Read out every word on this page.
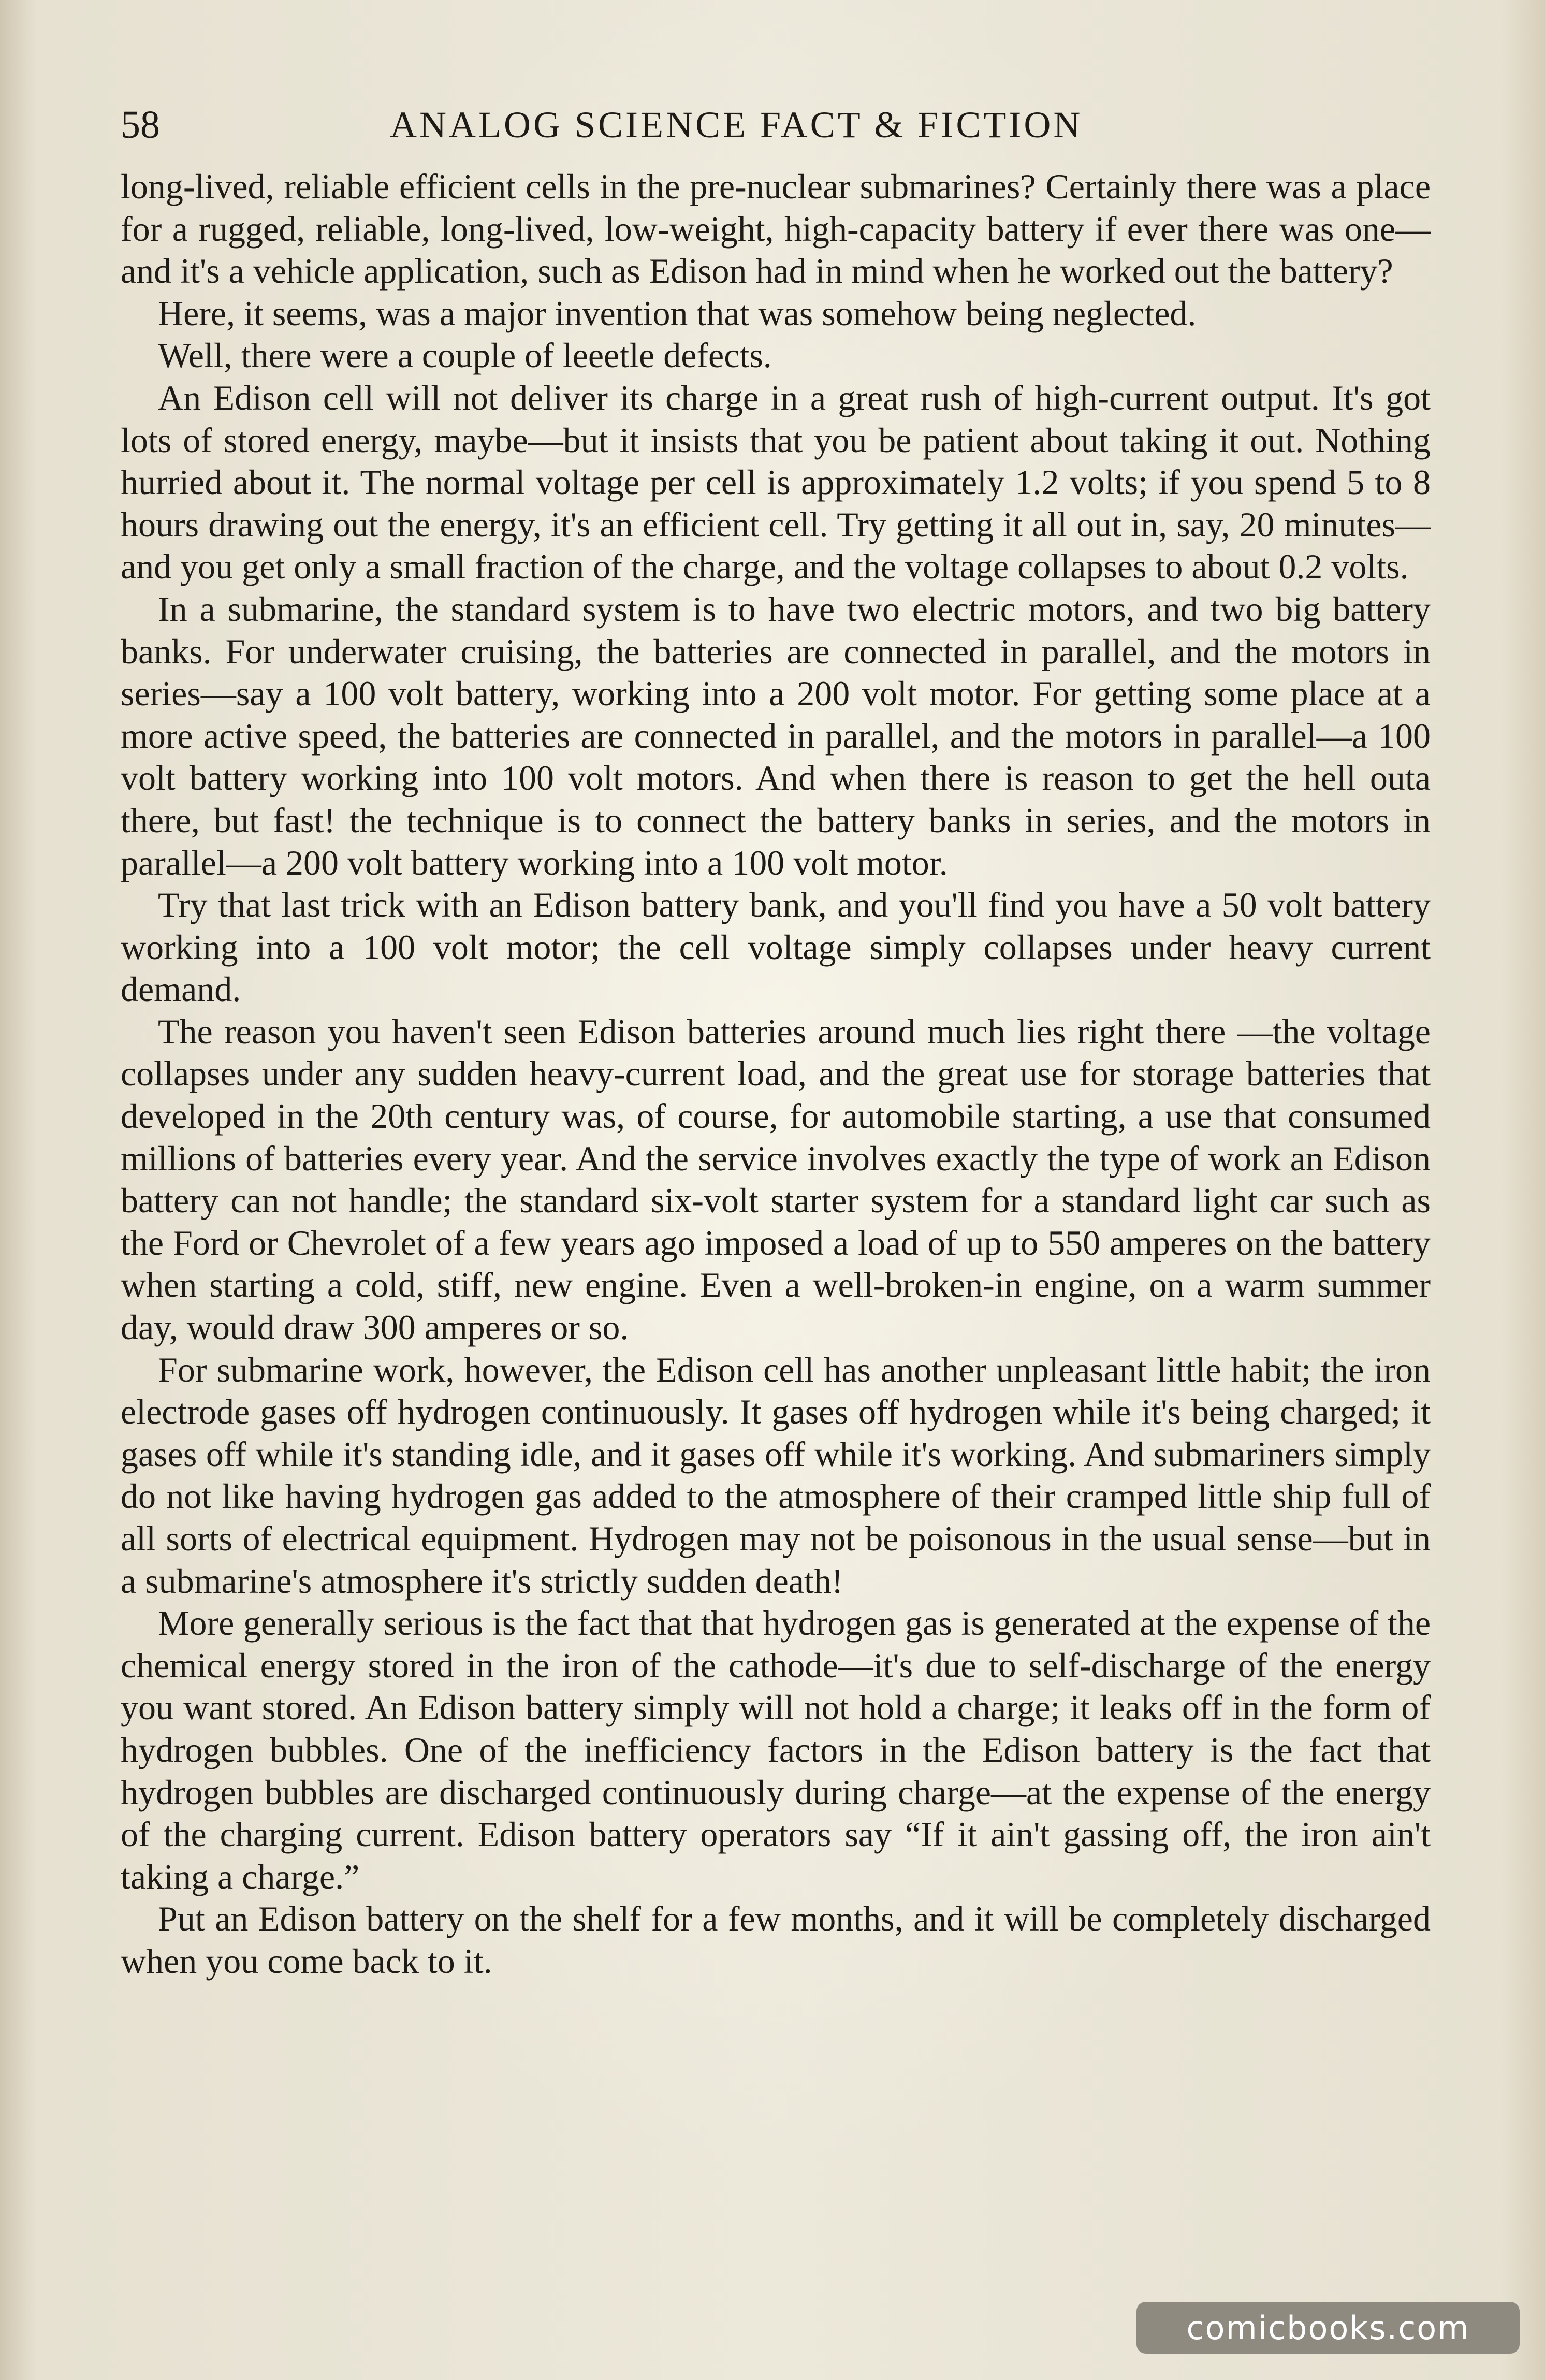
58	ANALOG SCIENCE FACT & FICTION

long-lived, reliable efficient cells in the pre-nuclear submarines? Certainly there was a place for a rugged, reliable, long-lived, low-weight, high-capacity battery if ever there was one—and it's a vehicle application, such as Edison had in mind when he worked out the battery?

Here, it seems, was a major invention that was somehow being neglected.

Well, there were a couple of leeetle defects.

An Edison cell will not deliver its charge in a great rush of high-current output. It's got lots of stored energy, maybe—but it insists that you be patient about taking it out. Nothing hurried about it. The normal voltage per cell is approximately 1.2 volts; if you spend 5 to 8 hours drawing out the energy, it's an efficient cell. Try getting it all out in, say, 20 minutes—and you get only a small fraction of the charge, and the voltage collapses to about 0.2 volts.

In a submarine, the standard system is to have two electric motors, and two big battery banks. For underwater cruising, the batteries are connected in parallel, and the motors in series—say a 100 volt battery, working into a 200 volt motor. For getting some place at a more active speed, the batteries are connected in parallel, and the motors in parallel—a 100 volt battery working into 100 volt motors. And when there is reason to get the hell outa there, but fast! the technique is to connect the battery banks in series, and the motors in parallel—a 200 volt battery working into a 100 volt motor.

Try that last trick with an Edison battery bank, and you'll find you have a 50 volt battery working into a 100 volt motor; the cell voltage simply collapses under heavy current demand.

The reason you haven't seen Edison batteries around much lies right there —the voltage collapses under any sudden heavy-current load, and the great use for storage batteries that developed in the 20th century was, of course, for automobile starting, a use that consumed millions of batteries every year. And the service involves exactly the type of work an Edison battery can not handle; the standard six-volt starter system for a standard light car such as the Ford or Chevrolet of a few years ago imposed a load of up to 550 amperes on the battery when starting a cold, stiff, new engine. Even a well-broken-in engine, on a warm summer day, would draw 300 amperes or so.

For submarine work, however, the Edison cell has another unpleasant little habit; the iron electrode gases off hydrogen continuously. It gases off hydrogen while it's being charged; it gases off while it's standing idle, and it gases off while it's working. And submariners simply do not like having hydrogen gas added to the atmosphere of their cramped little ship full of all sorts of electrical equipment. Hydrogen may not be poisonous in the usual sense—but in a submarine's atmosphere it's strictly sudden death!

More generally serious is the fact that that hydrogen gas is generated at the expense of the chemical energy stored in the iron of the cathode—it's due to self-discharge of the energy you want stored. An Edison battery simply will not hold a charge; it leaks off in the form of hydrogen bubbles. One of the inefficiency factors in the Edison battery is the fact that hydrogen bubbles are discharged continuously during charge—at the expense of the energy of the charging current. Edison battery operators say “If it ain't gassing off, the iron ain't taking a charge.”

Put an Edison battery on the shelf for a few months, and it will be completely discharged when you come back to it.

comicbooks.com
